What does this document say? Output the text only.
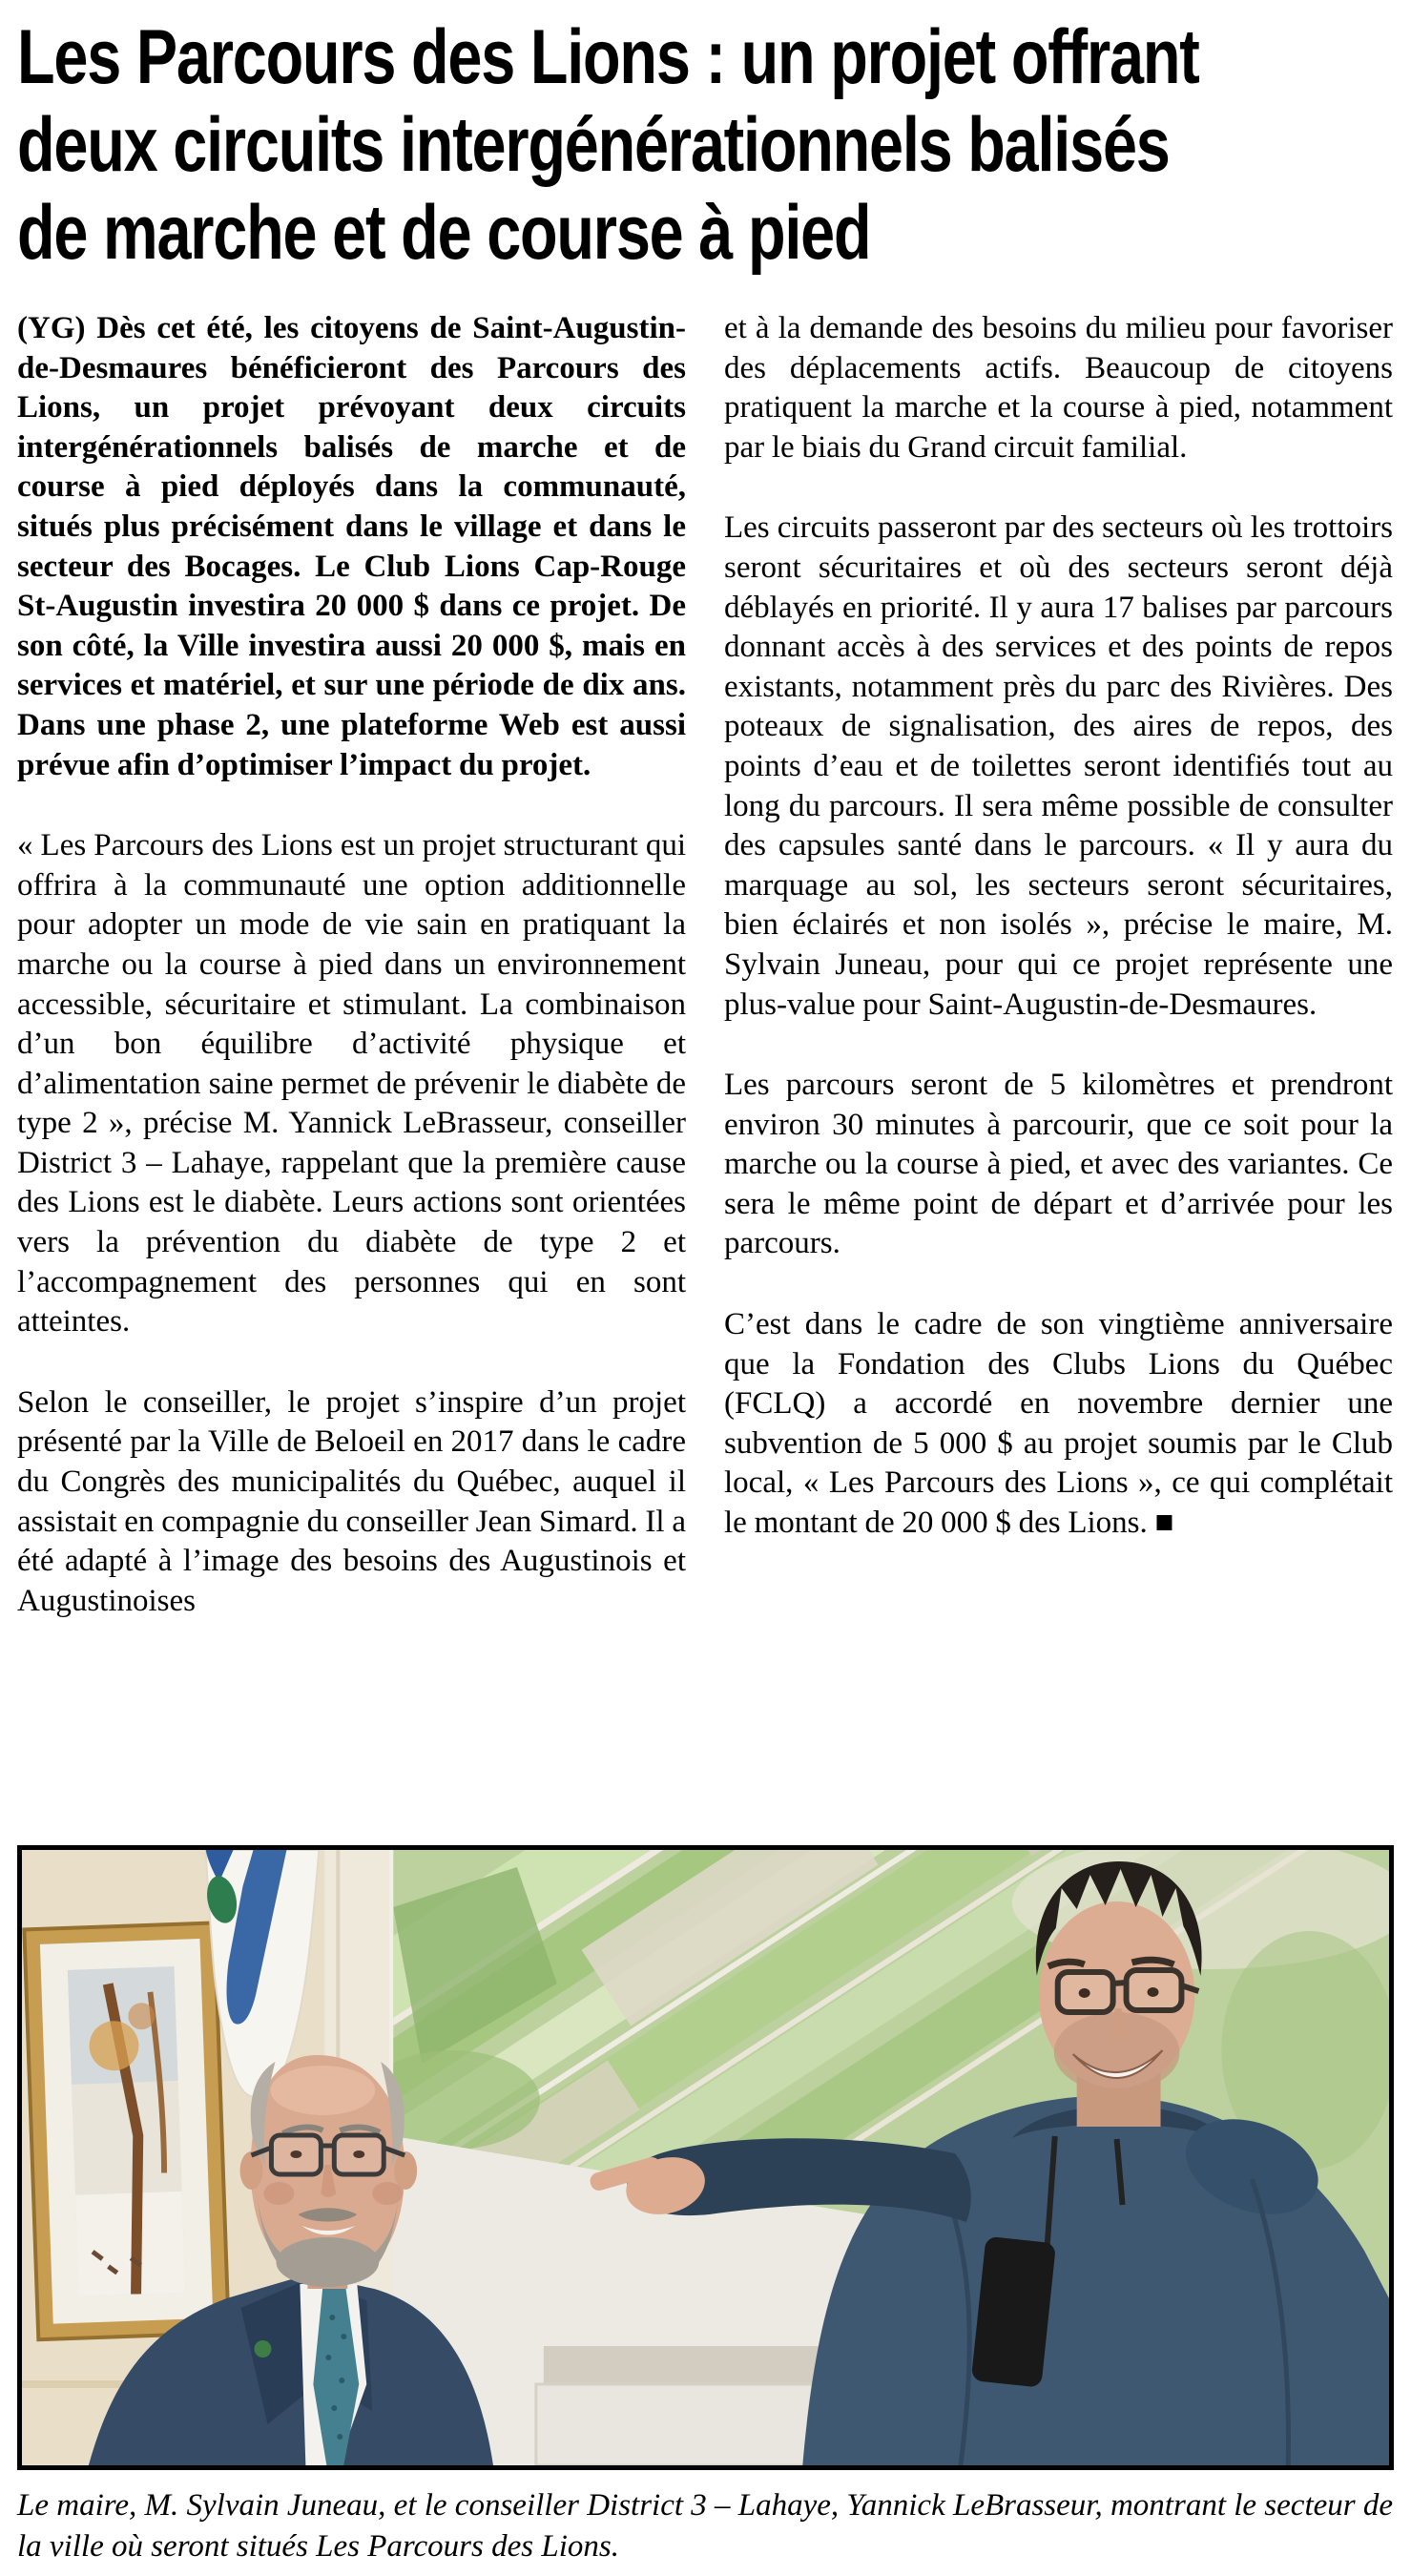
Les Parcours des Lions : un projet offrant
deux circuits intergénérationnels balisés
de marche et de course à pied

(YG) Dès cet été, les citoyens de Saint-Augustin-de-Desmaures bénéficieront des Parcours des Lions, un projet prévoyant deux circuits intergénérationnels balisés de marche et de course à pied déployés dans la communauté, situés plus précisément dans le village et dans le secteur des Bocages. Le Club Lions Cap-Rouge St-Augustin investira 20 000 $ dans ce projet. De son côté, la Ville investira aussi 20 000 $, mais en services et matériel, et sur une période de dix ans. Dans une phase 2, une plateforme Web est aussi prévue afin d’optimiser l’impact du projet.

« Les Parcours des Lions est un projet structurant qui offrira à la communauté une option additionnelle pour adopter un mode de vie sain en pratiquant la marche ou la course à pied dans un environnement accessible, sécuritaire et stimulant. La combinaison d’un bon équilibre d’activité physique et d’alimentation saine permet de prévenir le diabète de type 2 », précise M. Yannick LeBrasseur, conseiller District 3 – Lahaye, rappelant que la première cause des Lions est le diabète. Leurs actions sont orientées vers la prévention du diabète de type 2 et l’accompagnement des personnes qui en sont atteintes.

Selon le conseiller, le projet s’inspire d’un projet présenté par la Ville de Beloeil en 2017 dans le cadre du Congrès des municipalités du Québec, auquel il assistait en compagnie du conseiller Jean Simard. Il a été adapté à l’image des besoins des Augustinois et Augustinoises

et à la demande des besoins du milieu pour favoriser des déplacements actifs. Beaucoup de citoyens pratiquent la marche et la course à pied, notamment par le biais du Grand circuit familial.

Les circuits passeront par des secteurs où les trottoirs seront sécuritaires et où des secteurs seront déjà déblayés en priorité. Il y aura 17 balises par parcours donnant accès à des services et des points de repos existants, notamment près du parc des Rivières. Des poteaux de signalisation, des aires de repos, des points d’eau et de toilettes seront identifiés tout au long du parcours. Il sera même possible de consulter des capsules santé dans le parcours. « Il y aura du marquage au sol, les secteurs seront sécuritaires, bien éclairés et non isolés », précise le maire, M. Sylvain Juneau, pour qui ce projet représente une plus-value pour Saint-Augustin-de-Desmaures.

Les parcours seront de 5 kilomètres et prendront environ 30 minutes à parcourir, que ce soit pour la marche ou la course à pied, et avec des variantes. Ce sera le même point de départ et d’arrivée pour les parcours.

C’est dans le cadre de son vingtième anniversaire que la Fondation des Clubs Lions du Québec (FCLQ) a accordé en novembre dernier une subvention de 5 000 $ au projet soumis par le Club local, « Les Parcours des Lions », ce qui complétait le montant de 20 000 $ des Lions. ■

Le maire, M. Sylvain Juneau, et le conseiller District 3 – Lahaye, Yannick LeBrasseur, montrant le secteur de la ville où seront situés Les Parcours des Lions.
